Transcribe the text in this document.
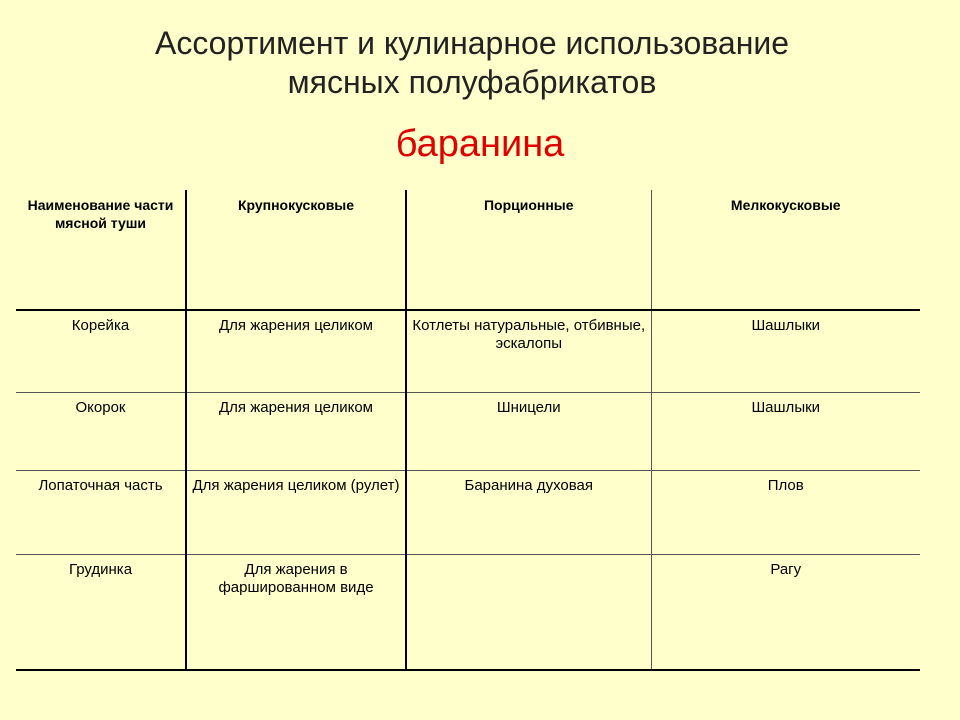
Ассортимент и кулинарное использование
мясных полуфабрикатов
баранина
Наименование части мясной туши	Крупнокусковые	Порционные	Мелкокусковые
Корейка	Для жарения целиком	Котлеты натуральные, отбивные, эскалопы	Шашлыки
Окорок	Для жарения целиком	Шницели	Шашлыки
Лопаточная часть	Для жарения целиком (рулет)	Баранина духовая	Плов
Грудинка	Для жарения в фаршированном виде		Рагу
